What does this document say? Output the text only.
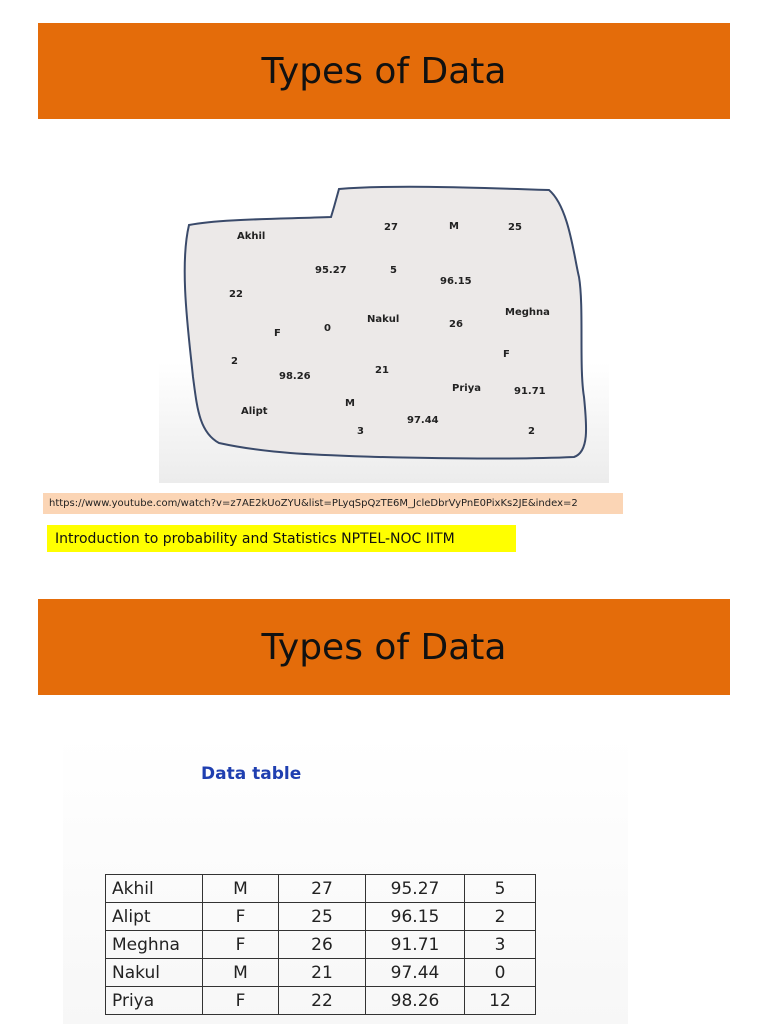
Types of Data
Akhil
27	M	25
95.27	5
96.15
22
Nakul
Meghna
F	0	26
2
F
21
98.26
Priya	91.71
Alipt
M
97.44
3	2
https://www.youtube.com/watch?v=z7AE2kUoZYU&list=PLyqSpQzTE6M_JcleDbrVyPnE0PixKs2JE&index=2
Introduction to probability and Statistics NPTEL-NOC IITM
Types of Data
Data table
Akhil	M	27	95.27	5
Alipt	F	25	96.15	2
Meghna	F	26	91.71	3
Nakul	M	21	97.44	0
Priya	F	22	98.26	12
